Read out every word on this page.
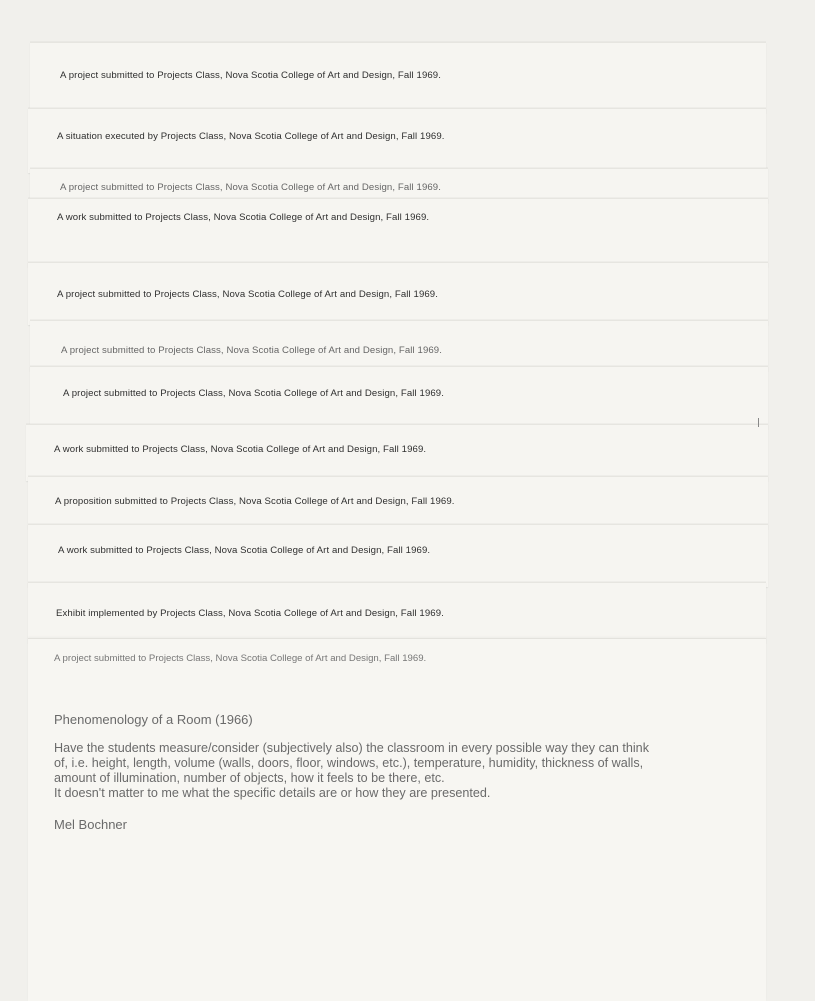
A project submitted to Projects Class, Nova Scotia College of Art and Design, Fall 1969.
A situation executed by Projects Class, Nova Scotia College of Art and Design, Fall 1969.
A project submitted to Projects Class, Nova Scotia College of Art and Design, Fall 1969.
A work submitted to Projects Class, Nova Scotia College of Art and Design, Fall 1969.
A project submitted to Projects Class, Nova Scotia College of Art and Design, Fall 1969.
A project submitted to Projects Class, Nova Scotia College of Art and Design, Fall 1969.
A project submitted to Projects Class, Nova Scotia College of Art and Design, Fall 1969.
A work submitted to Projects Class, Nova Scotia College of Art and Design, Fall 1969.
A proposition submitted to Projects Class, Nova Scotia College of Art and Design, Fall 1969.
A work submitted to Projects Class, Nova Scotia College of Art and Design, Fall 1969.
Exhibit implemented by Projects Class, Nova Scotia College of Art and Design, Fall 1969.
A project submitted to Projects Class, Nova Scotia College of Art and Design, Fall 1969.
Phenomenology of a Room (1966)

Have the students measure/consider (subjectively also) the classroom in every possible way they can think

of, i.e. height, length, volume (walls, doors, floor, windows, etc.), temperature, humidity, thickness of walls,

amount of illumination, number of objects, how it feels to be there, etc.

It doesn't matter to me what the specific details are or how they are presented.

Mel Bochner
